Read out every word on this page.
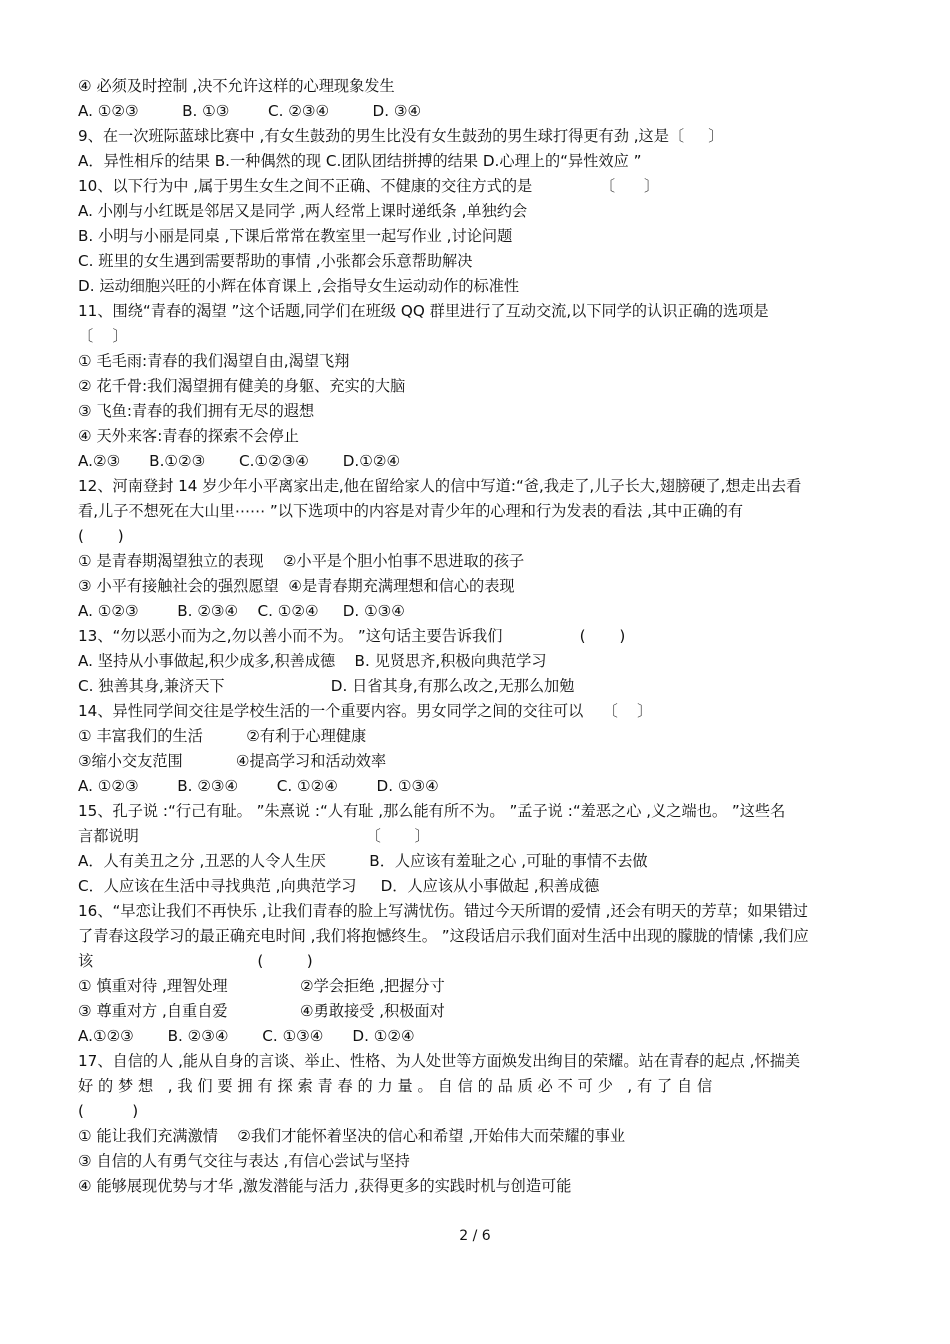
④ 必须及时控制 ,决不允许这样的心理现象发生
A. ①②③         B. ①③        C. ②③④         D. ③④
9、在一次班际蓝球比赛中 ,有女生鼓劲的男生比没有女生鼓劲的男生球打得更有劲 ,这是〔     〕
A．异性相斥的结果 B.一种偶然的现 C.团队团结拼搏的结果 D.心理上的“异性效应 ”
10、以下行为中 ,属于男生女生之间不正确、不健康的交往方式的是              〔      〕
A. 小刚与小红既是邻居又是同学 ,两人经常上课时递纸条 ,单独约会
B. 小明与小丽是同桌 ,下课后常常在教室里一起写作业 ,讨论问题
C. 班里的女生遇到需要帮助的事情 ,小张都会乐意帮助解决
D. 运动细胞兴旺的小辉在体育课上 ,会指导女生运动动作的标准性
11、围绕“青春的渴望 ”这个话题,同学们在班级 QQ 群里进行了互动交流,以下同学的认识正确的选项是
〔    〕
① 毛毛雨:青春的我们渴望自由,渴望飞翔
② 花千骨:我们渴望拥有健美的身躯、充实的大脑
③ 飞鱼:青春的我们拥有无尽的遐想
④ 天外来客:青春的探索不会停止
A.②③      B.①②③       C.①②③④       D.①②④
12、河南登封 14 岁少年小平离家出走,他在留给家人的信中写道:“爸,我走了,儿子长大,翅膀硬了,想走出去看
看,儿子不想死在大山里⋯⋯ ”以下选项中的内容是对青少年的心理和行为发表的看法 ,其中正确的有
(       )
① 是青春期渴望独立的表现    ②小平是个胆小怕事不思进取的孩子
③ 小平有接触社会的强烈愿望  ④是青春期充满理想和信心的表现
A. ①②③        B. ②③④    C. ①②④     D. ①③④
13、“勿以恶小而为之,勿以善小而不为。 ”这句话主要告诉我们                (       )
A. 坚持从小事做起,积少成多,积善成德    B. 见贤思齐,积极向典范学习
C. 独善其身,兼济天下                      D. 日省其身,有那么改之,无那么加勉
14、异性同学间交往是学校生活的一个重要内容。男女同学之间的交往可以    〔    〕
① 丰富我们的生活         ②有利于心理健康
③缩小交友范围           ④提高学习和活动效率
A. ①②③        B. ②③④        C. ①②④        D. ①③④
15、孔子说 :“行己有耻。 ”朱熹说 :“人有耻 ,那么能有所不为。 ”孟子说 :“羞恶之心 ,义之端也。 ”这些名
言都说明                                               〔       〕
A．人有美丑之分 ,丑恶的人令人生厌         B．人应该有羞耻之心 ,可耻的事情不去做
C．人应该在生活中寻找典范 ,向典范学习     D．人应该从小事做起 ,积善成德
16、“早恋让我们不再快乐 ,让我们青春的脸上写满忧伤。错过今天所谓的爱情 ,还会有明天的芳草；如果错过
了青春这段学习的最正确充电时间 ,我们将抱憾终生。 ”这段话启示我们面对生活中出现的朦胧的情愫 ,我们应
该                                  (         )
① 慎重对待 ,理智处理               ②学会拒绝 ,把握分寸
③ 尊重对方 ,自重自爱               ④勇敢接受 ,积极面对
A.①②③       B. ②③④       C. ①③④      D. ①②④
17、自信的人 ,能从自身的言谈、举止、性格、为人处世等方面焕发出绚目的荣耀。站在青春的起点 ,怀揣美
好 的 梦 想   , 我 们 要 拥 有 探 索 青 春 的 力 量 。 自 信 的 品 质 必 不 可 少   , 有 了 自 信
(          )
① 能让我们充满激情    ②我们才能怀着坚决的信心和希望 ,开始伟大而荣耀的事业
③ 自信的人有勇气交往与表达 ,有信心尝试与坚持
④ 能够展现优势与才华 ,激发潜能与活力 ,获得更多的实践时机与创造可能
2 / 6
